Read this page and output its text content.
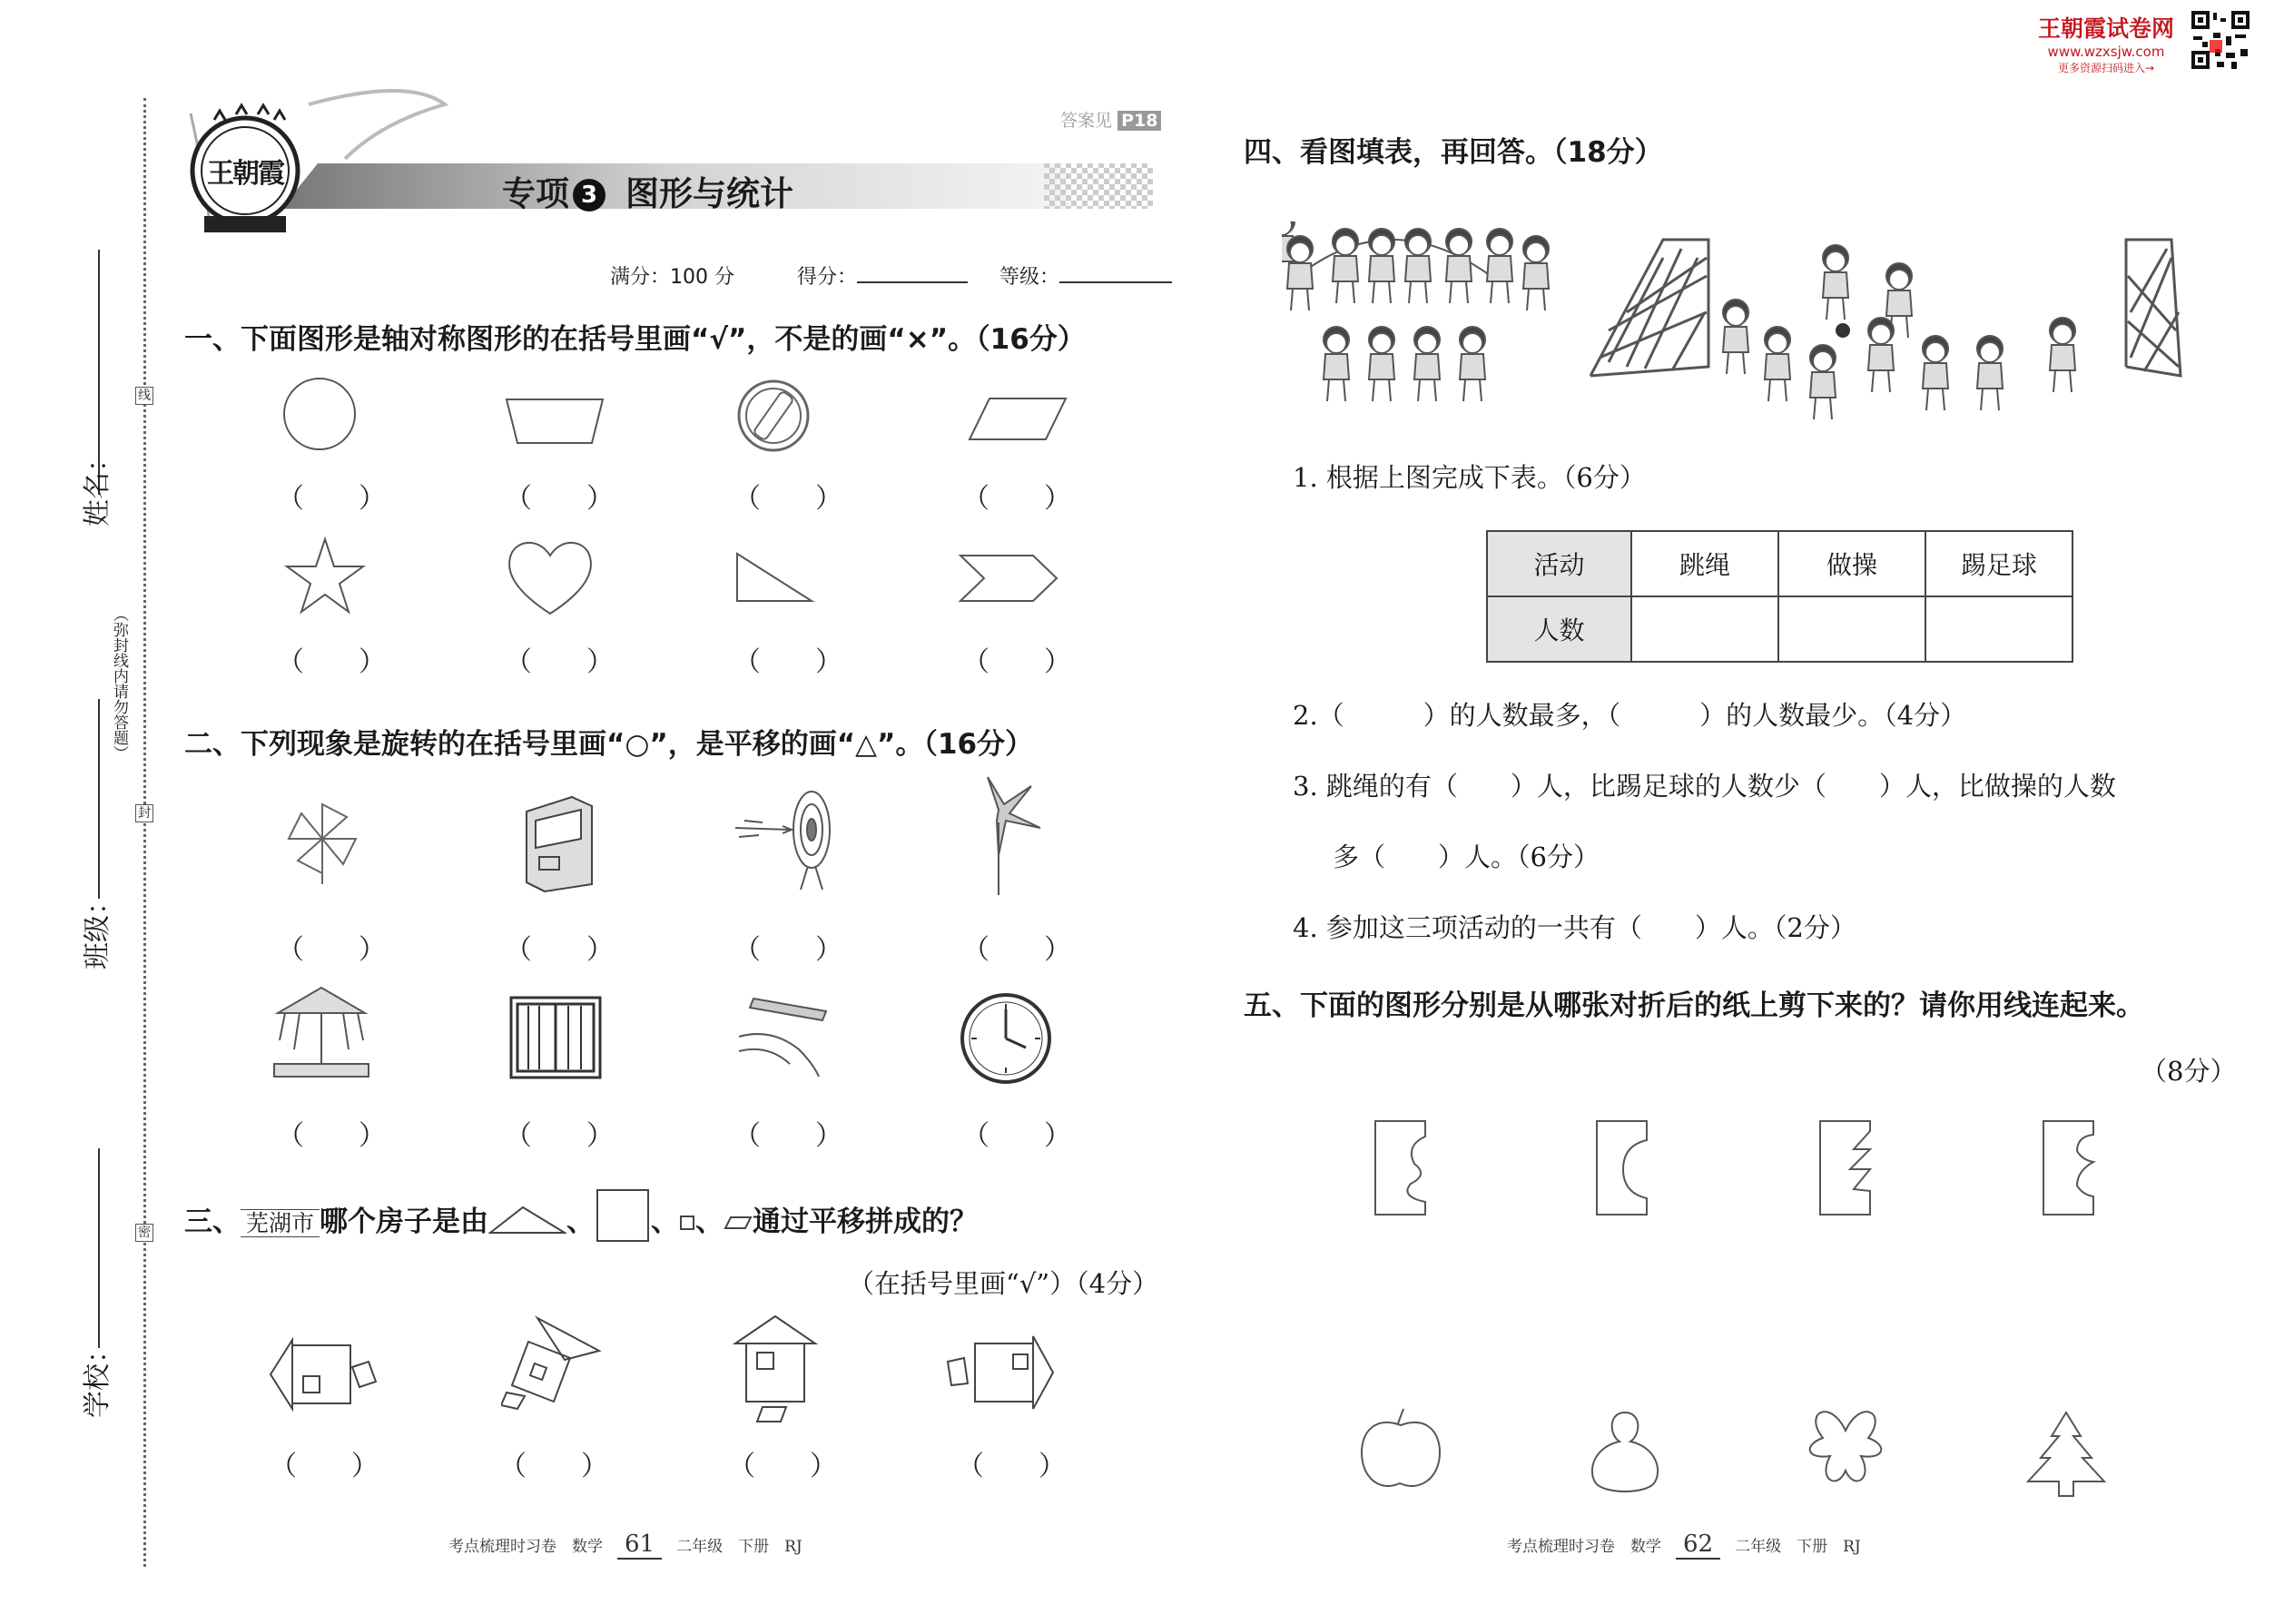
王朝霞试卷网
www.wzxsjw.com
更多资源扫码进入→
姓名：
班级：
学校：
线
封
密
（弥封线内请勿答题）
王朝霞
答案见 P18
专项 3 图形与统计
满分：100 分	得分：	等级：
一、下面图形是轴对称图形的在括号里画“√”，不是的画“×”。（16分）
（　　）	（　　）	（　　）	（　　）
（　　）	（　　）	（　　）	（　　）
二、下列现象是旋转的在括号里画“○”，是平移的画“△”。（16分）
（　　）	（　　）	（　　）	（　　）
（　　）	（　　）	（　　）	（　　）
三、 芜湖市 哪个房子是由	、 、 、 通过平移拼成的？
（在括号里画“√”）（4分）
（　　）	（　　）	（　　）	（　　）
考点梳理时习卷　数学 61 二年级　下册　RJ
四、看图填表，再回答。（18分）
1. 根据上图完成下表。（6分）
活动	跳绳	做操	踢足球
人数			
2.（　　　）的人数最多，（　　　）的人数最少。（4分）
3. 跳绳的有（　　）人，比踢足球的人数少（　　）人，比做操的人数
多（　　）人。（6分）
4. 参加这三项活动的一共有（　　）人。（2分）
五、下面的图形分别是从哪张对折后的纸上剪下来的？请你用线连起来。
（8分）
考点梳理时习卷　数学 62 二年级　下册　RJ
